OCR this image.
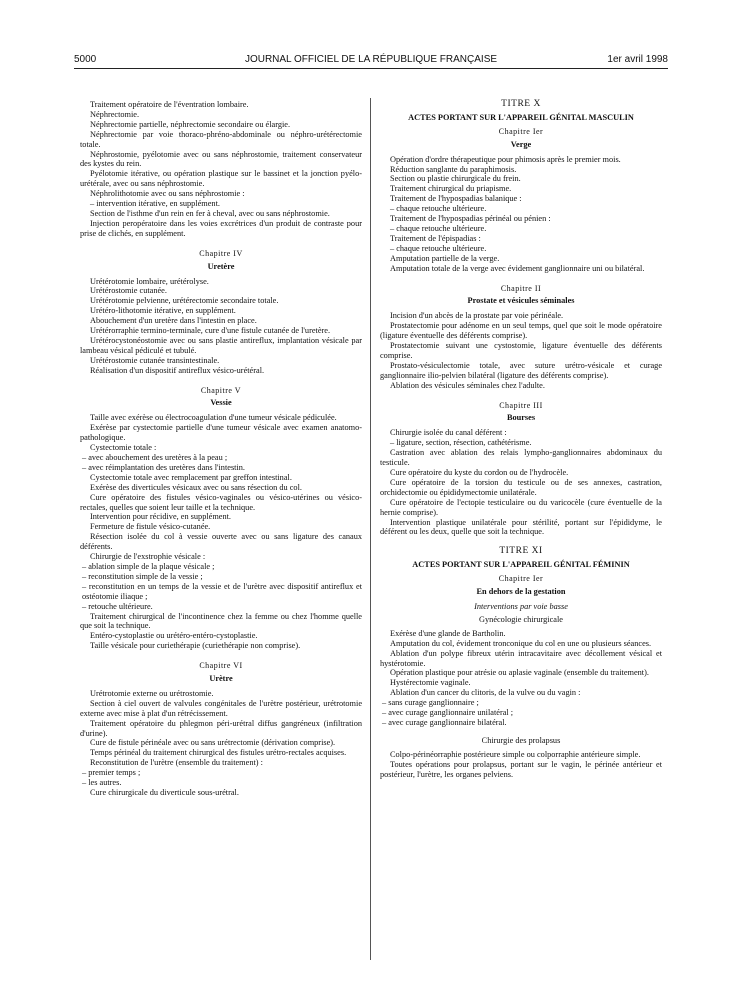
5000	JOURNAL OFFICIEL DE LA RÉPUBLIQUE FRANÇAISE	1er avril 1998

Traitement opératoire de l'éventration lombaire.

Néphrectomie.

Néphrectomie partielle, néphrectomie secondaire ou élargie.

Néphrectomie par voie thoraco-phréno-abdominale ou néphro-urétérectomie totale.

Néphrostomie, pyélotomie avec ou sans néphrostomie, traitement conservateur des kystes du rein.

Pyélotomie itérative, ou opération plastique sur le bassinet et la jonction pyélo-urétérale, avec ou sans néphrostomie.

Néphrolithotomie avec ou sans néphrostomie :

– intervention itérative, en supplément.

Section de l'isthme d'un rein en fer à cheval, avec ou sans néphrostomie.

Injection peropératoire dans les voies excrétrices d'un produit de contraste pour prise de clichés, en supplément.

Chapitre IV

Uretère

Urétérotomie lombaire, urétérolyse.

Urétérostomie cutanée.

Urétérotomie pelvienne, urétérectomie secondaire totale.

Urétéro-lithotomie itérative, en supplément.

Abouchement d'un uretère dans l'intestin en place.

Urétérorraphie termino-terminale, cure d'une fistule cutanée de l'uretère.

Urétérocystonéostomie avec ou sans plastie antireflux, implantation vésicale par lambeau vésical pédiculé et tubulé.

Urétérostomie cutanée transintestinale.

Réalisation d'un dispositif antireflux vésico-urétéral.

Chapitre V

Vessie

Taille avec exérèse ou électrocoagulation d'une tumeur vésicale pédiculée.

Exérèse par cystectomie partielle d'une tumeur vésicale avec examen anatomo-pathologique.

Cystectomie totale :

– avec abouchement des uretères à la peau ;

– avec réimplantation des uretères dans l'intestin.

Cystectomie totale avec remplacement par greffon intestinal.

Exérèse des diverticules vésicaux avec ou sans résection du col.

Cure opératoire des fistules vésico-vaginales ou vésico-utérines ou vésico-rectales, quelles que soient leur taille et la technique.

Intervention pour récidive, en supplément.

Fermeture de fistule vésico-cutanée.

Résection isolée du col à vessie ouverte avec ou sans ligature des canaux déférents.

Chirurgie de l'exstrophie vésicale :

– ablation simple de la plaque vésicale ;

– reconstitution simple de la vessie ;

– reconstitution en un temps de la vessie et de l'urètre avec dispositif antireflux et ostéotomie iliaque ;

– retouche ultérieure.

Traitement chirurgical de l'incontinence chez la femme ou chez l'homme quelle que soit la technique.

Entéro-cystoplastie ou urétéro-entéro-cystoplastie.

Taille vésicale pour curiethérapie (curiethérapie non comprise).

Chapitre VI

Urètre

Urétrotomie externe ou urétrostomie.

Section à ciel ouvert de valvules congénitales de l'urètre postérieur, urétrotomie externe avec mise à plat d'un rétrécissement.

Traitement opératoire du phlegmon péri-urétral diffus gangréneux (infiltration d'urine).

Cure de fistule périnéale avec ou sans urétrectomie (dérivation comprise).

Temps périnéal du traitement chirurgical des fistules urétro-rectales acquises.

Reconstitution de l'urètre (ensemble du traitement) :

– premier temps ;

– les autres.

Cure chirurgicale du diverticule sous-urétral.

TITRE X

ACTES PORTANT SUR L'APPAREIL GÉNITAL MASCULIN

Chapitre Ier

Verge

Opération d'ordre thérapeutique pour phimosis après le premier mois.

Réduction sanglante du paraphimosis.

Section ou plastie chirurgicale du frein.

Traitement chirurgical du priapisme.

Traitement de l'hypospadias balanique :

– chaque retouche ultérieure.

Traitement de l'hypospadias périnéal ou pénien :

– chaque retouche ultérieure.

Traitement de l'épispadias :

– chaque retouche ultérieure.

Amputation partielle de la verge.

Amputation totale de la verge avec évidement ganglionnaire uni ou bilatéral.

Chapitre II

Prostate et vésicules séminales

Incision d'un abcès de la prostate par voie périnéale.

Prostatectomie pour adénome en un seul temps, quel que soit le mode opératoire (ligature éventuelle des déférents comprise).

Prostatectomie suivant une cystostomie, ligature éventuelle des déférents comprise.

Prostato-vésiculectomie totale, avec suture urétro-vésicale et curage ganglionnaire ilio-pelvien bilatéral (ligature des déférents comprise).

Ablation des vésicules séminales chez l'adulte.

Chapitre III

Bourses

Chirurgie isolée du canal déférent :

– ligature, section, résection, cathétérisme.

Castration avec ablation des relais lympho-ganglionnaires abdominaux du testicule.

Cure opératoire du kyste du cordon ou de l'hydrocèle.

Cure opératoire de la torsion du testicule ou de ses annexes, castration, orchidectomie ou épididymectomie unilatérale.

Cure opératoire de l'ectopie testiculaire ou du varicocèle (cure éventuelle de la hernie comprise).

Intervention plastique unilatérale pour stérilité, portant sur l'épididyme, le déférent ou les deux, quelle que soit la technique.

TITRE XI

ACTES PORTANT SUR L'APPAREIL GÉNITAL FÉMININ

Chapitre Ier

En dehors de la gestation

Interventions par voie basse

Gynécologie chirurgicale

Exérèse d'une glande de Bartholin.

Amputation du col, évidement tronconique du col en une ou plusieurs séances.

Ablation d'un polype fibreux utérin intracavitaire avec décollement vésical et hystérotomie.

Opération plastique pour atrésie ou aplasie vaginale (ensemble du traitement).

Hystérectomie vaginale.

Ablation d'un cancer du clitoris, de la vulve ou du vagin :

– sans curage ganglionnaire ;

– avec curage ganglionnaire unilatéral ;

– avec curage ganglionnaire bilatéral.

Chirurgie des prolapsus

Colpo-périnéorraphie postérieure simple ou colporraphie antérieure simple.

Toutes opérations pour prolapsus, portant sur le vagin, le périnée antérieur et postérieur, l'urètre, les organes pelviens.
